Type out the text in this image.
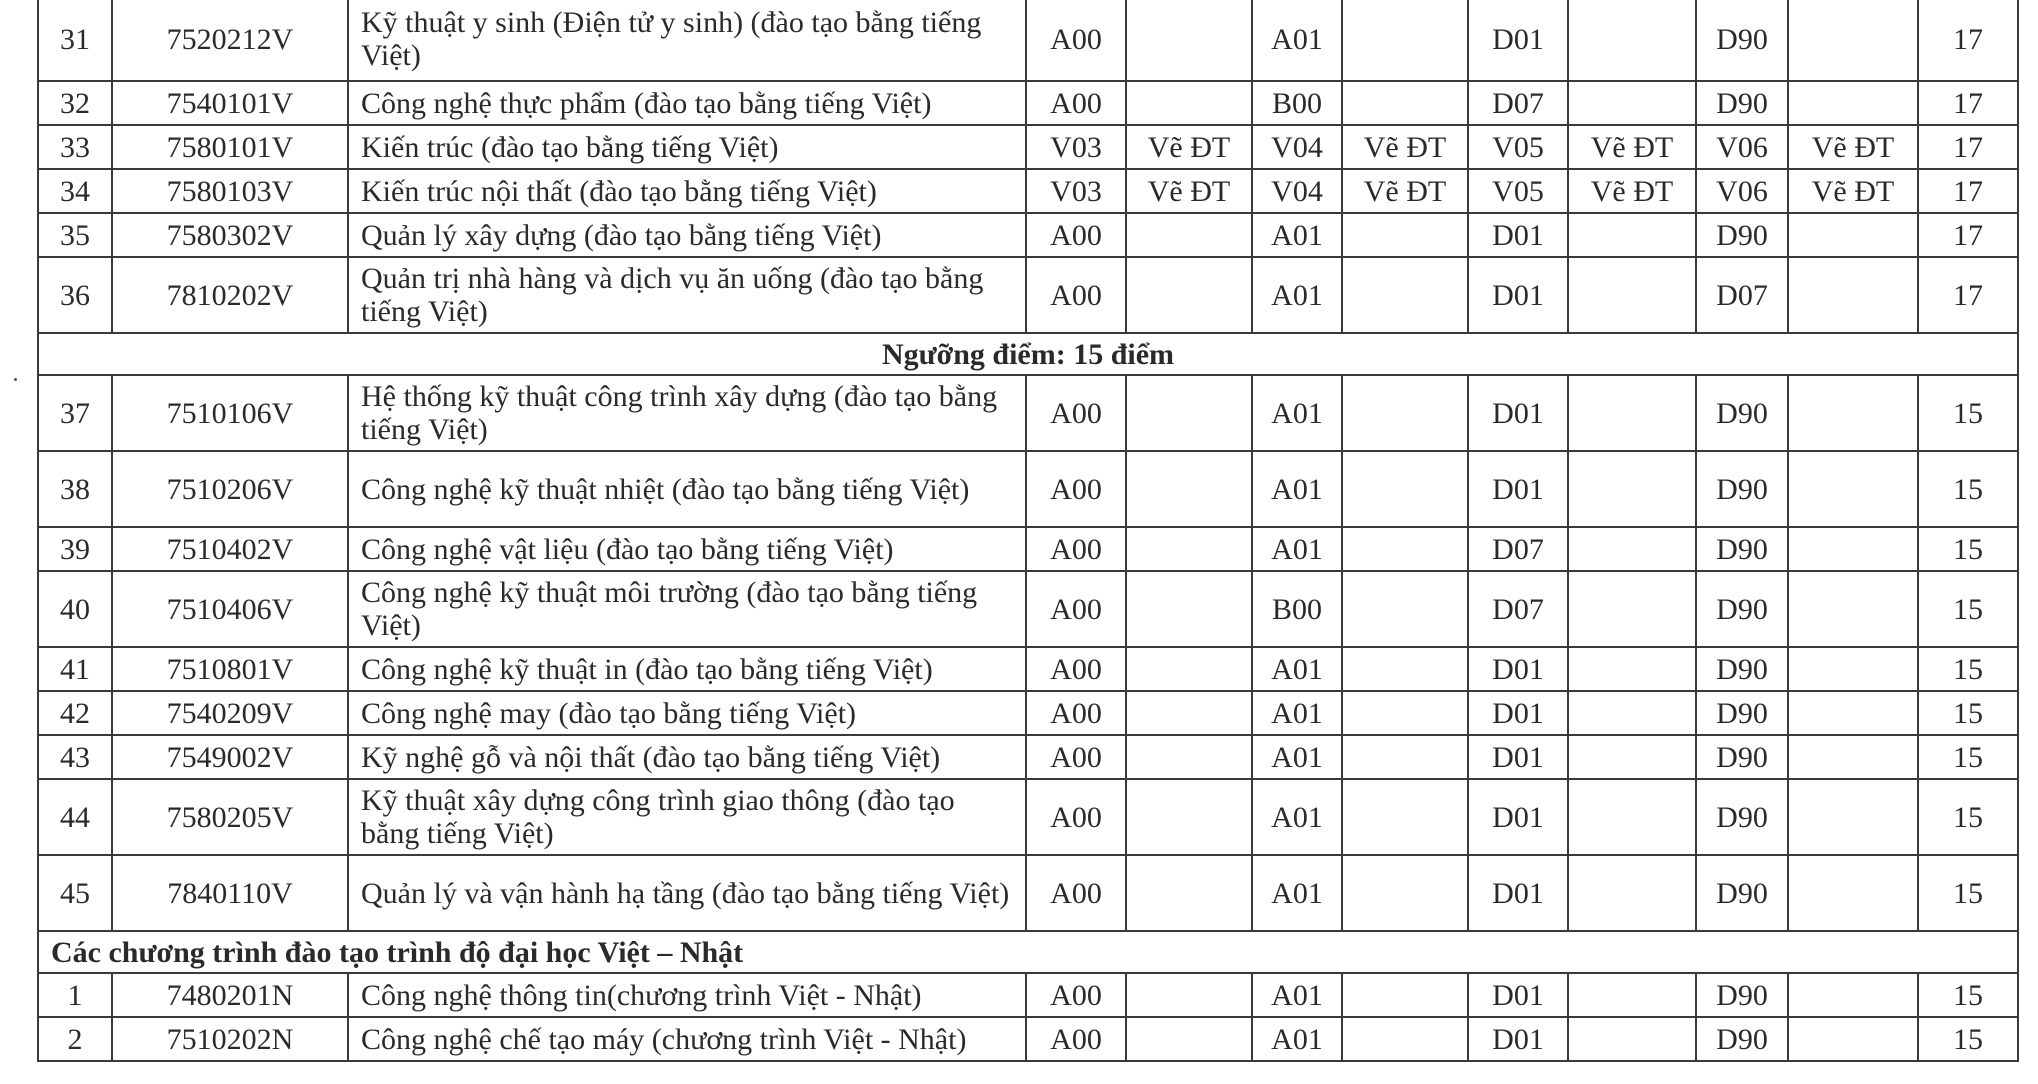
31	7520212V	Kỹ thuật y sinh (Điện tử y sinh) (đào tạo bằng tiếng Việt)	A00		A01		D01		D90		17
32	7540101V	Công nghệ thực phẩm (đào tạo bằng tiếng Việt)	A00		B00		D07		D90		17
33	7580101V	Kiến trúc (đào tạo bằng tiếng Việt)	V03	Vẽ ĐT	V04	Vẽ ĐT	V05	Vẽ ĐT	V06	Vẽ ĐT	17
34	7580103V	Kiến trúc nội thất (đào tạo bằng tiếng Việt)	V03	Vẽ ĐT	V04	Vẽ ĐT	V05	Vẽ ĐT	V06	Vẽ ĐT	17
35	7580302V	Quản lý xây dựng (đào tạo bằng tiếng Việt)	A00		A01		D01		D90		17
36	7810202V	Quản trị nhà hàng và dịch vụ ăn uống (đào tạo bằng tiếng Việt)	A00		A01		D01		D07		17
Ngưỡng điểm: 15 điểm											
37	7510106V	Hệ thống kỹ thuật công trình xây dựng (đào tạo bằng tiếng Việt)	A00		A01		D01		D90		15
38	7510206V	Công nghệ kỹ thuật nhiệt (đào tạo bằng tiếng Việt)	A00		A01		D01		D90		15
39	7510402V	Công nghệ vật liệu (đào tạo bằng tiếng Việt)	A00		A01		D07		D90		15
40	7510406V	Công nghệ kỹ thuật môi trường (đào tạo bằng tiếng Việt)	A00		B00		D07		D90		15
41	7510801V	Công nghệ kỹ thuật in (đào tạo bằng tiếng Việt)	A00		A01		D01		D90		15
42	7540209V	Công nghệ may (đào tạo bằng tiếng Việt)	A00		A01		D01		D90		15
43	7549002V	Kỹ nghệ gỗ và nội thất (đào tạo bằng tiếng Việt)	A00		A01		D01		D90		15
44	7580205V	Kỹ thuật xây dựng công trình giao thông (đào tạo bằng tiếng Việt)	A00		A01		D01		D90		15
45	7840110V	Quản lý và vận hành hạ tầng (đào tạo bằng tiếng Việt)	A00		A01		D01		D90		15
Các chương trình đào tạo trình độ đại học Việt – Nhật											
1	7480201N	Công nghệ thông tin(chương trình Việt - Nhật)	A00		A01		D01		D90		15
2	7510202N	Công nghệ chế tạo máy (chương trình Việt - Nhật)	A00		A01		D01		D90		15
